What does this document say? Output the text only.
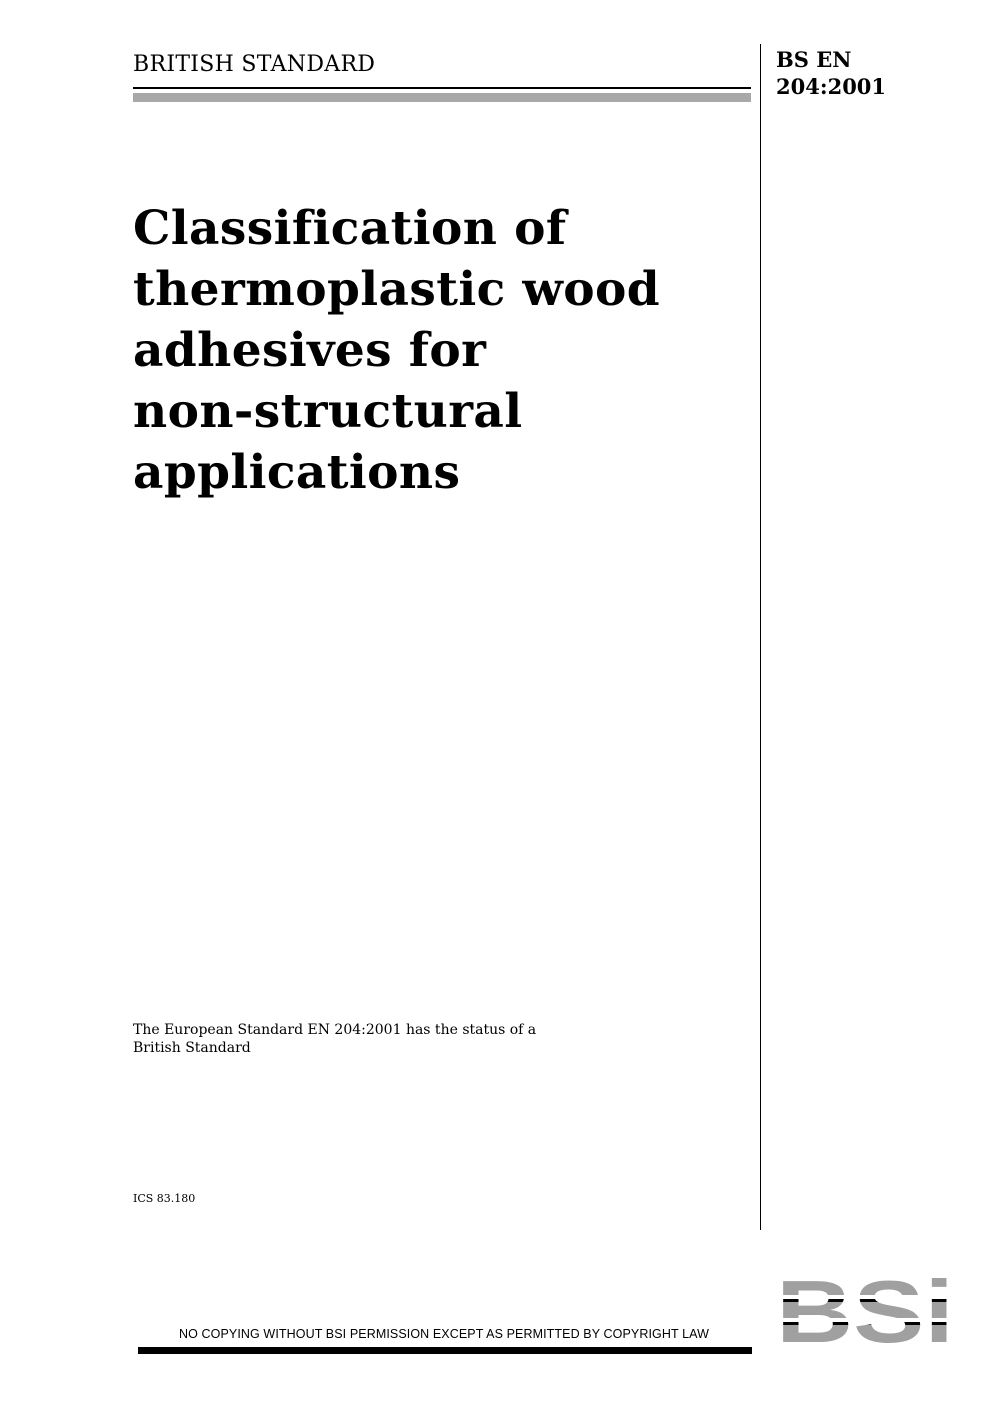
BRITISH STANDARD	BS EN
204:2001
Classification of
thermoplastic wood
adhesives for
non-structural
applications
The European Standard EN 204:2001 has the status of a
British Standard
ICS 83.180
NO COPYING WITHOUT BSI PERMISSION EXCEPT AS PERMITTED BY COPYRIGHT LAW
